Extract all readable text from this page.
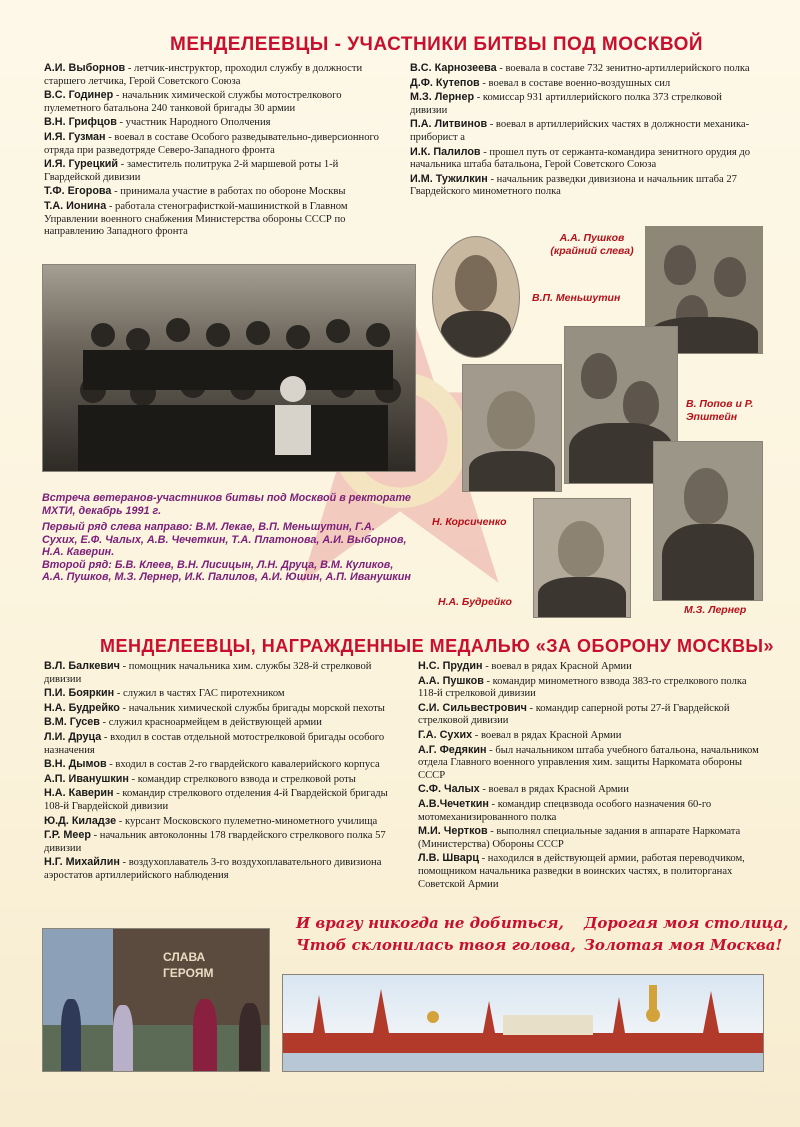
МЕНДЕЛЕЕВЦЫ - УЧАСТНИКИ БИТВЫ ПОД МОСКВОЙ

А.И. Выборнов - летчик-инструктор, проходил службу в должности старшего летчика, Герой Советского Союза

В.С. Годинер - начальник химической службы мотострелкового пулеметного батальона 240 танковой бригады 30 армии

В.Н. Грифцов - участник Народного Ополчения

И.Я. Гузман - воевал в составе Особого разведывательно-диверсионного отряда при разведотряде Северо-Западного фронта

И.Я. Гурецкий - заместитель политрука 2-й маршевой роты 1-й Гвардейской дивизии

Т.Ф. Егорова - принимала участие в работах по обороне Москвы

Т.А. Ионина - работала стенографисткой-машинисткой в Главном Управлении военного снабжения Министерства обороны СССР по направлению Западного фронта

В.С. Карнозеева - воевала в составе 732 зенитно-артиллерийского полка

Д.Ф. Кутепов - воевал в составе военно-воздушных сил

М.З. Лернер - комиссар 931 артиллерийского полка 373 стрелковой дивизии

П.А. Литвинов - воевал в артиллерийских частях в должности механика-приборист а

И.К. Палилов - прошел путь от сержанта-командира зенитного орудия до начальника штаба батальона, Герой Советского Союза

И.М. Тужилкин - начальник разведки дивизиона и начальник штаба 27 Гвардейского минометного полка

А.А. Пушков (крайний слева)
В.П. Меньшутин
В. Попов и Р. Эпштейн
Н. Корсиченко
Н.А. Будрейко
М.З. Лернер
Встреча ветеранов-участников битвы под Москвой в ректорате МХТИ, декабрь 1991 г.
Первый ряд слева направо: В.М. Лекае, В.П. Меньшутин, Г.А. Сухих, Е.Ф. Чалых, А.В. Чечеткин, Т.А. Платонова, А.И. Выборнов, Н.А. Каверин.
Второй ряд: Б.В. Клеев, В.Н. Лисицын, Л.Н. Друца, В.М. Куликов, А.А. Пушков, М.З. Лернер, И.К. Палилов, А.И. Юшин, А.П. Иванушкин
МЕНДЕЛЕЕВЦЫ, НАГРАЖДЕННЫЕ МЕДАЛЬЮ «ЗА ОБОРОНУ МОСКВЫ»

В.Л. Балкевич - помощник начальника хим. службы 328-й стрелковой дивизии

П.И. Бояркин - служил в частях ГАС пиротехником

Н.А. Будрейко - начальник химической службы бригады морской пехоты

В.М. Гусев - служил красноармейцем в действующей армии

Л.И. Друца - входил в состав отдельной мотострелковой бригады особого назначения

В.Н. Дымов - входил в состав 2-го гвардейского кавалерийского корпуса

А.П. Иванушкин - командир стрелкового взвода и стрелковой роты

Н.А. Каверин - командир стрелкового отделения 4-й Гвардейской бригады 108-й Гвардейской дивизии

Ю.Д. Киладзе - курсант Московского пулеметно-минометного училища

Г.Р. Меер - начальник автоколонны 178 гвардейского стрелкового полка 57 дивизии

Н.Г. Михайлин - воздухоплаватель 3-го воздухоплавательного дивизиона аэростатов артиллерийского наблюдения

Н.С. Прудин - воевал в рядах Красной Армии

А.А. Пушков - командир минометного взвода 383-го стрелкового полка 118-й стрелковой дивизии

С.И. Сильвестрович - командир саперной роты 27-й Гвардейской стрелковой дивизии

Г.А. Сухих - воевал в рядах Красной Армии

А.Г. Федякин - был начальником штаба учебного батальона, начальником отдела Главного военного управления хим. защиты Наркомата обороны СССР

С.Ф. Чалых - воевал в рядах Красной Армии

А.В.Чечеткин - командир спецвзвода особого назначения 60-го мотомеханизированного полка

М.И. Чертков - выполнял специальные задания в аппарате Наркомата (Министерства) Обороны СССР

Л.В. Шварц - находился в действующей армии, работая переводчиком, помощником начальника разведки в воинских частях, в политорганах Советской Армии

И врагу никогда не добиться,
Чтоб склонилась твоя голова,
Дорогая моя столица,
Золотая моя Москва!
СЛАВА ГЕРОЯМ
